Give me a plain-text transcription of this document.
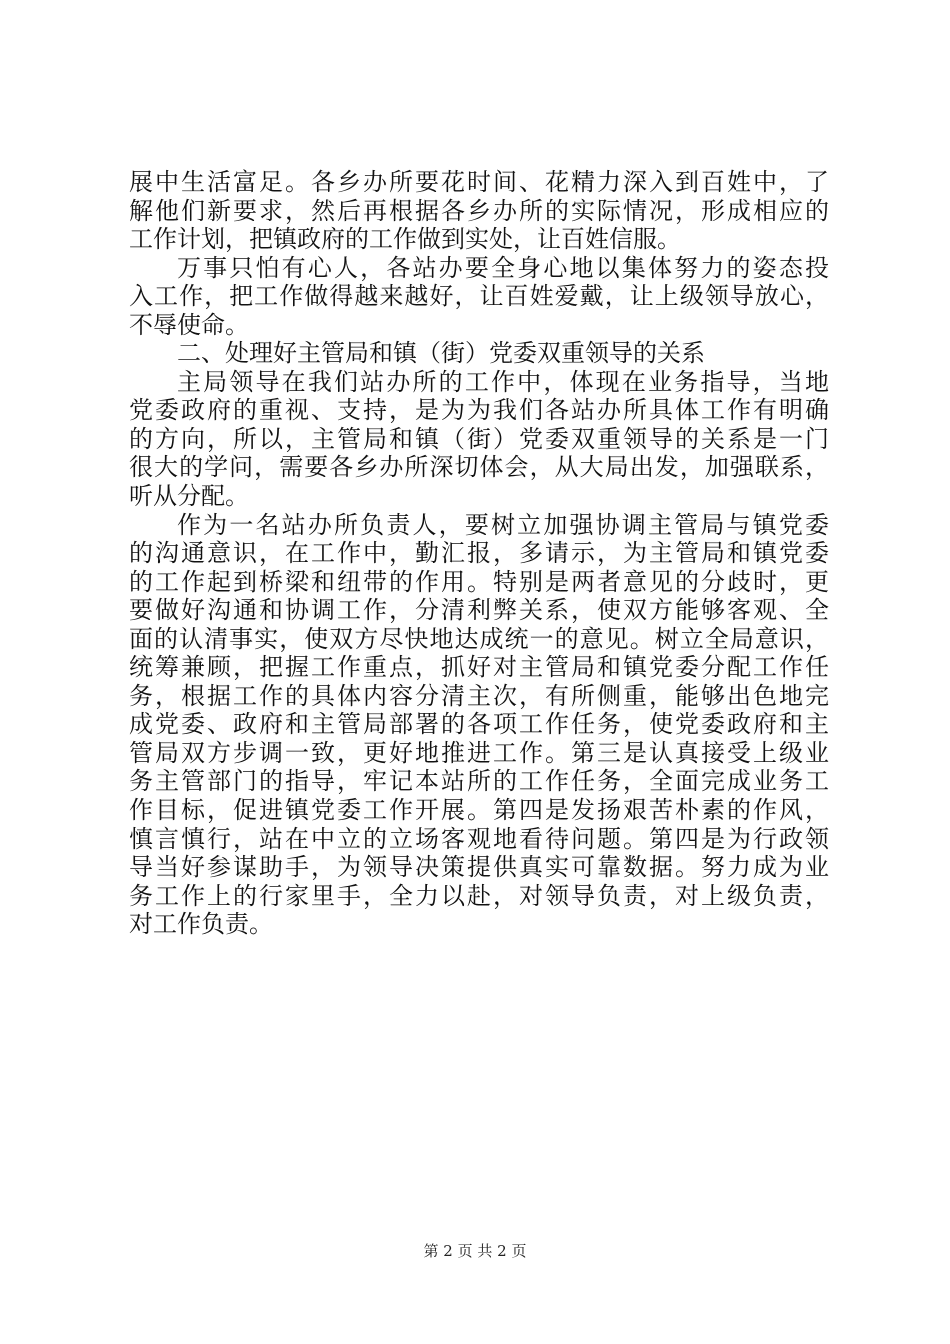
展中生活富足。各乡办所要花时间、花精力深入到百姓中，了
解他们新要求，然后再根据各乡办所的实际情况，形成相应的
工作计划，把镇政府的工作做到实处，让百姓信服。
万事只怕有心人，各站办要全身心地以集体努力的姿态投
入工作，把工作做得越来越好，让百姓爱戴，让上级领导放心，
不辱使命。
二、处理好主管局和镇（街）党委双重领导的关系
主局领导在我们站办所的工作中，体现在业务指导，当地
党委政府的重视、支持，是为为我们各站办所具体工作有明确
的方向，所以，主管局和镇（街）党委双重领导的关系是一门
很大的学问，需要各乡办所深切体会，从大局出发，加强联系，
听从分配。
作为一名站办所负责人，要树立加强协调主管局与镇党委
的沟通意识，在工作中，勤汇报，多请示，为主管局和镇党委
的工作起到桥梁和纽带的作用。特别是两者意见的分歧时，更
要做好沟通和协调工作，分清利弊关系，使双方能够客观、全
面的认清事实，使双方尽快地达成统一的意见。树立全局意识，
统筹兼顾，把握工作重点，抓好对主管局和镇党委分配工作任
务，根据工作的具体内容分清主次，有所侧重，能够出色地完
成党委、政府和主管局部署的各项工作任务，使党委政府和主
管局双方步调一致，更好地推进工作。第三是认真接受上级业
务主管部门的指导，牢记本站所的工作任务，全面完成业务工
作目标，促进镇党委工作开展。第四是发扬艰苦朴素的作风，
慎言慎行，站在中立的立场客观地看待问题。第四是为行政领
导当好参谋助手，为领导决策提供真实可靠数据。努力成为业
务工作上的行家里手，全力以赴，对领导负责，对上级负责，
对工作负责。
第 2 页 共 2 页
